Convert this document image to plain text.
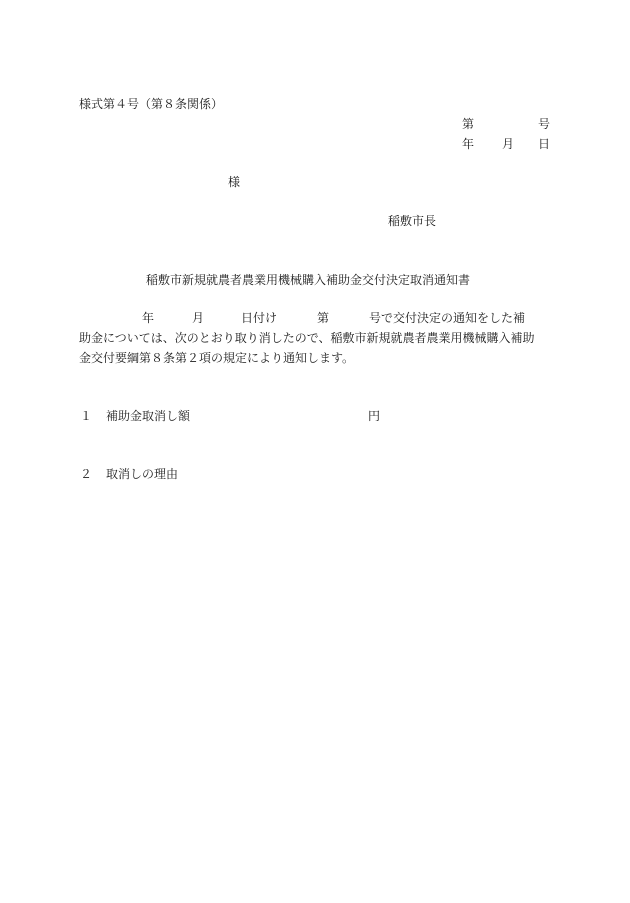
様式第４号（第８条関係）
第	号
年 月 日
様
稲敷市長
稲敷市新規就農者農業用機械購入補助金交付決定取消通知書
年	月	日付け	第	号で交付決定の通知をした補
助金については、次のとおり取り消したので、稲敷市新規就農者農業用機械購入補助
金交付要綱第８条第２項の規定により通知します。
１ 補助金取消し額	円
２ 取消しの理由
